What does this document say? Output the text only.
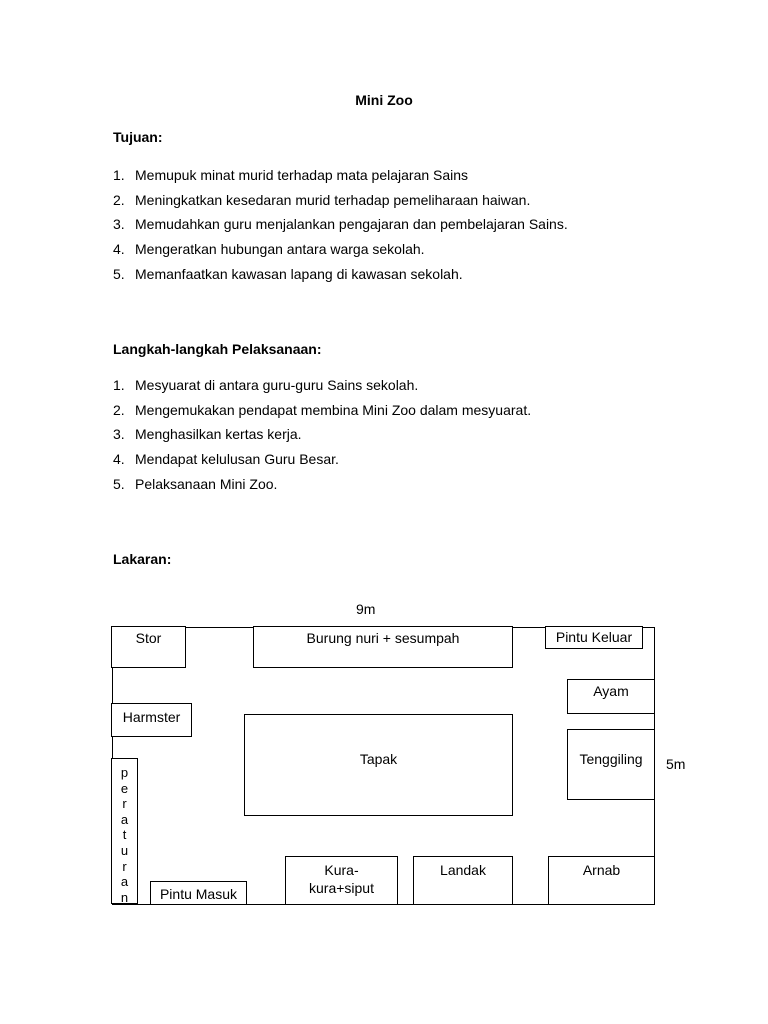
Mini Zoo
Tujuan:
1. Memupuk minat murid terhadap mata pelajaran Sains
2. Meningkatkan kesedaran murid terhadap pemeliharaan haiwan.
3. Memudahkan guru menjalankan pengajaran dan pembelajaran Sains.
4. Mengeratkan hubungan antara warga sekolah.
5. Memanfaatkan kawasan lapang di kawasan sekolah.
Langkah-langkah Pelaksanaan:
1. Mesyuarat di antara guru-guru Sains sekolah.
2. Mengemukakan pendapat membina Mini Zoo dalam mesyuarat.
3. Menghasilkan kertas kerja.
4. Mendapat kelulusan Guru Besar.
5. Pelaksanaan Mini Zoo.
Lakaran:
9m
5m
Stor	Burung nuri + sesumpah	Pintu Keluar
Ayam
Harmster
Tapak	Tenggiling
p
e
r
a
t
u
r
a
n	Pintu Masuk
Kura-
kura+siput
Landak	Arnab
